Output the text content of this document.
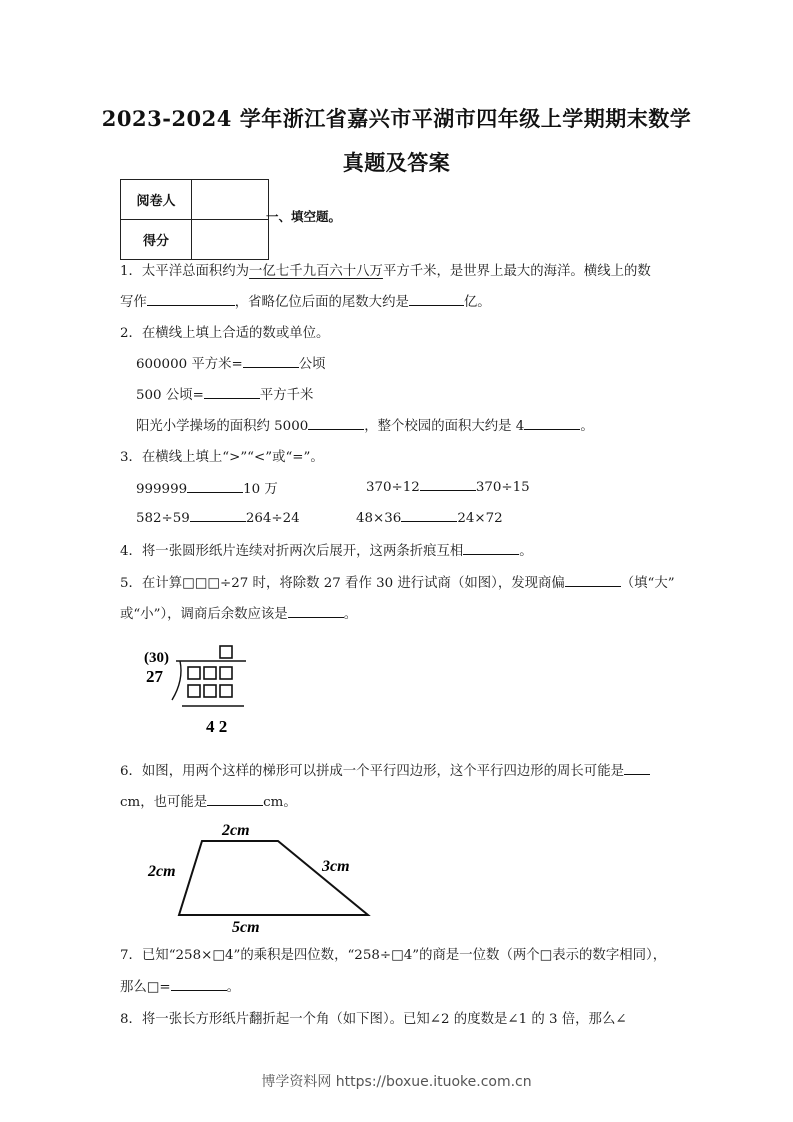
2023-2024 学年浙江省嘉兴市平湖市四年级上学期期末数学
真题及答案
阅卷人	
得分	
一、填空题。
1．太平洋总面积约为一亿七千九百六十八万平方千米，是世界上最大的海洋。横线上的数
写作	，省略亿位后面的尾数大约是	亿。
2．在横线上填上合适的数或单位。
600000 平方米=	公顷
500 公顷=	平方千米
阳光小学操场的面积约 5000	，整个校园的面积大约是 4	。
3．在横线上填上“>”“<”或“=”。
999999	10 万	370÷12	370÷15
582÷59	264÷24	48×36	24×72
4．将一张圆形纸片连续对折两次后展开，这两条折痕互相	。
5．在计算□□□÷27 时，将除数 27 看作 30 进行试商（如图），发现商偏	（填“大”
或“小”），调商后余数应该是	。
(30)
27
4 2
6．如图，用两个这样的梯形可以拼成一个平行四边形，这个平行四边形的周长可能是
cm，也可能是	cm。
2cm
2cm	3cm
5cm
7．已知“258×□4”的乘积是四位数，“258÷□4”的商是一位数（两个□表示的数字相同），
那么□=	。
8．将一张长方形纸片翻折起一个角（如下图）。已知∠2 的度数是∠1 的 3 倍，那么∠
博学资料网 https://boxue.ituoke.com.cn
